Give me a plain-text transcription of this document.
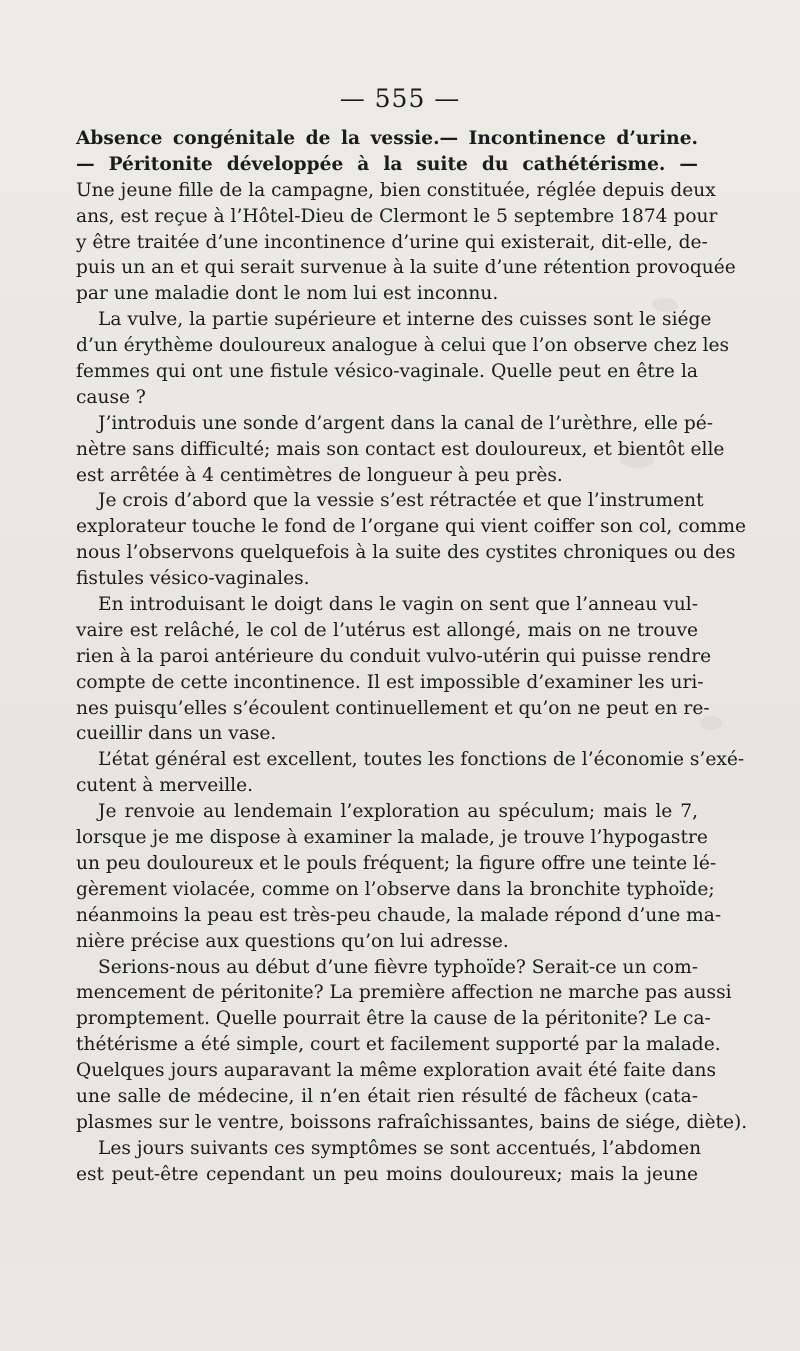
— 555 —
Absence congénitale de la vessie.— Incontinence d’urine.
— Péritonite développée à la suite du cathétérisme. —
Une jeune fille de la campagne, bien constituée, réglée depuis deux
ans, est reçue à l’Hôtel-Dieu de Clermont le 5 septembre 1874 pour
y être traitée d’une incontinence d’urine qui existerait, dit-elle, de-
puis un an et qui serait survenue à la suite d’une rétention provoquée
par une maladie dont le nom lui est inconnu.
La vulve, la partie supérieure et interne des cuisses sont le siége
d’un érythème douloureux analogue à celui que l’on observe chez les
femmes qui ont une fistule vésico-vaginale. Quelle peut en être la
cause ?
J’introduis une sonde d’argent dans la canal de l’urèthre, elle pé-
nètre sans difficulté; mais son contact est douloureux, et bientôt elle
est arrêtée à 4 centimètres de longueur à peu près.
Je crois d’abord que la vessie s’est rétractée et que l’instrument
explorateur touche le fond de l’organe qui vient coiffer son col, comme
nous l’observons quelquefois à la suite des cystites chroniques ou des
fistules vésico-vaginales.
En introduisant le doigt dans le vagin on sent que l’anneau vul-
vaire est relâché, le col de l’utérus est allongé, mais on ne trouve
rien à la paroi antérieure du conduit vulvo-utérin qui puisse rendre
compte de cette incontinence. Il est impossible d’examiner les uri-
nes puisqu’elles s’écoulent continuellement et qu’on ne peut en re-
cueillir dans un vase.
L’état général est excellent, toutes les fonctions de l’économie s’exé-
cutent à merveille.
Je renvoie au lendemain l’exploration au spéculum; mais le 7,
lorsque je me dispose à examiner la malade, je trouve l’hypogastre
un peu douloureux et le pouls fréquent; la figure offre une teinte lé-
gèrement violacée, comme on l’observe dans la bronchite typhoïde;
néanmoins la peau est très-peu chaude, la malade répond d’une ma-
nière précise aux questions qu’on lui adresse.
Serions-nous au début d’une fièvre typhoïde? Serait-ce un com-
mencement de péritonite? La première affection ne marche pas aussi
promptement. Quelle pourrait être la cause de la péritonite? Le ca-
thétérisme a été simple, court et facilement supporté par la malade.
Quelques jours auparavant la même exploration avait été faite dans
une salle de médecine, il n’en était rien résulté de fâcheux (cata-
plasmes sur le ventre, boissons rafraîchissantes, bains de siége, diète).
Les jours suivants ces symptômes se sont accentués, l’abdomen
est peut-être cependant un peu moins douloureux; mais la jeune
